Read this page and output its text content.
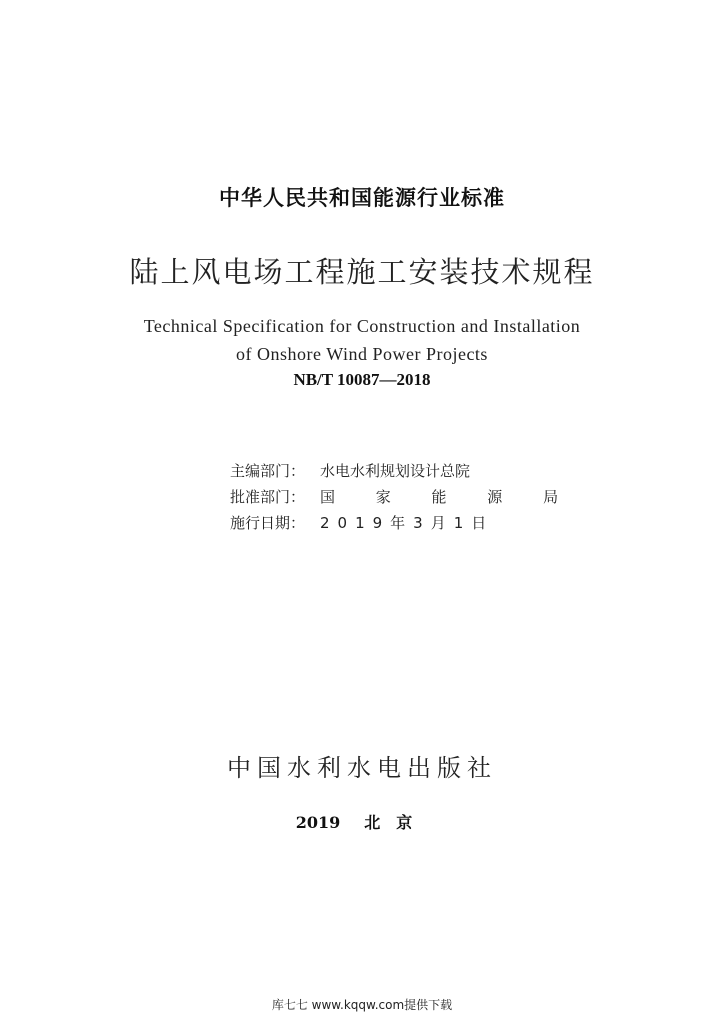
中华人民共和国能源行业标准
陆上风电场工程施工安装技术规程
Technical Specification for Construction and Installation
of Onshore Wind Power Projects
NB/T 10087—2018
主编部门： 水电水利规划设计总院
批准部门： 国 家 能 源 局
施行日期： 2019年3月1日
中国水利水电出版社
2019 北京
库七七 www.kqqw.com提供下载
